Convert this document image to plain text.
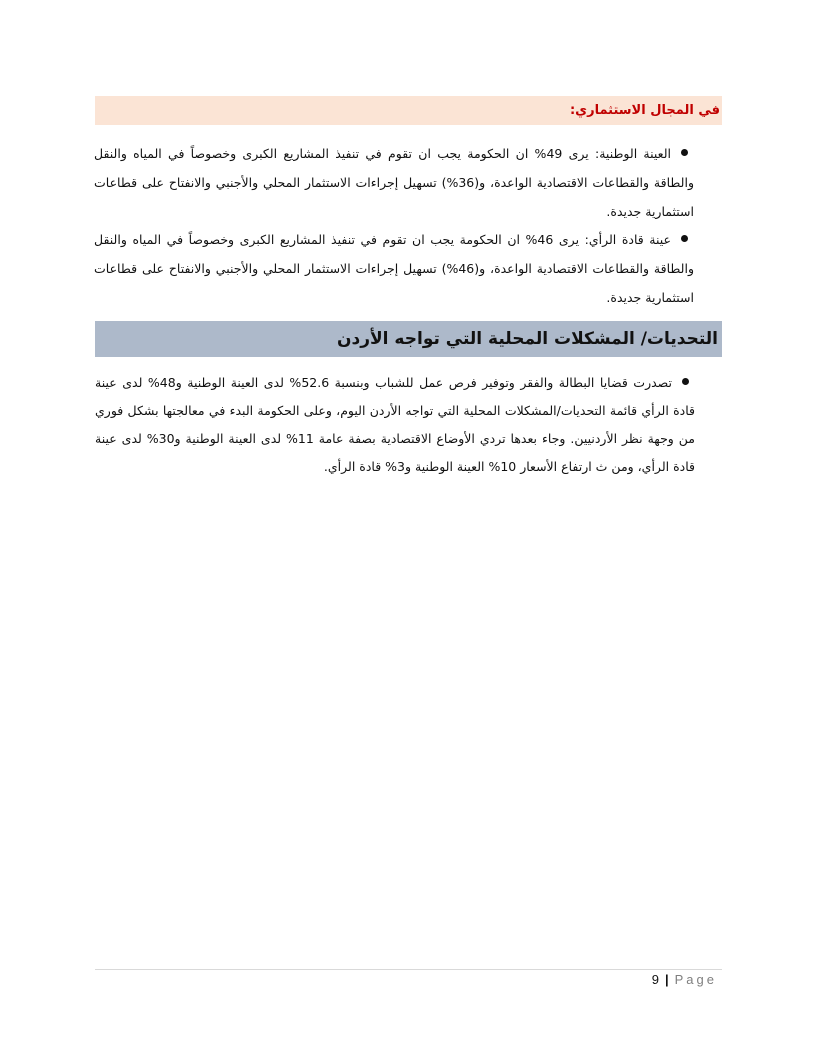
في المجال الاستثماري:
العينة الوطنية: يرى 49% ان الحكومة يجب ان تقوم في تنفيذ المشاريع الكبرى وخصوصاً في المياه والنقل والطاقة والقطاعات الاقتصادية الواعدة، و(36%) تسهيل إجراءات الاستثمار المحلي والأجنبي والانفتاح على قطاعات استثمارية جديدة.
عينة قادة الرأي: يرى 46% ان الحكومة يجب ان تقوم في تنفيذ المشاريع الكبرى وخصوصاً في المياه والنقل والطاقة والقطاعات الاقتصادية الواعدة، و(46%) تسهيل إجراءات الاستثمار المحلي والأجنبي والانفتاح على قطاعات استثمارية جديدة.
التحديات/ المشكلات المحلية التي تواجه الأردن
تصدرت قضايا البطالة والفقر وتوفير فرص عمل للشباب وبنسبة 52.6% لدى العينة الوطنية و48% لدى عينة قادة الرأي قائمة التحديات/المشكلات المحلية التي تواجه الأردن اليوم، وعلى الحكومة البدء في معالجتها بشكل فوري من وجهة نظر الأردنيين. وجاء بعدها تردي الأوضاع الاقتصادية بصفة عامة 11% لدى العينة الوطنية و30% لدى عينة قادة الرأي، ومن ث ارتفاع الأسعار 10% العينة الوطنية و3% قادة الرأي.
9 | Page
